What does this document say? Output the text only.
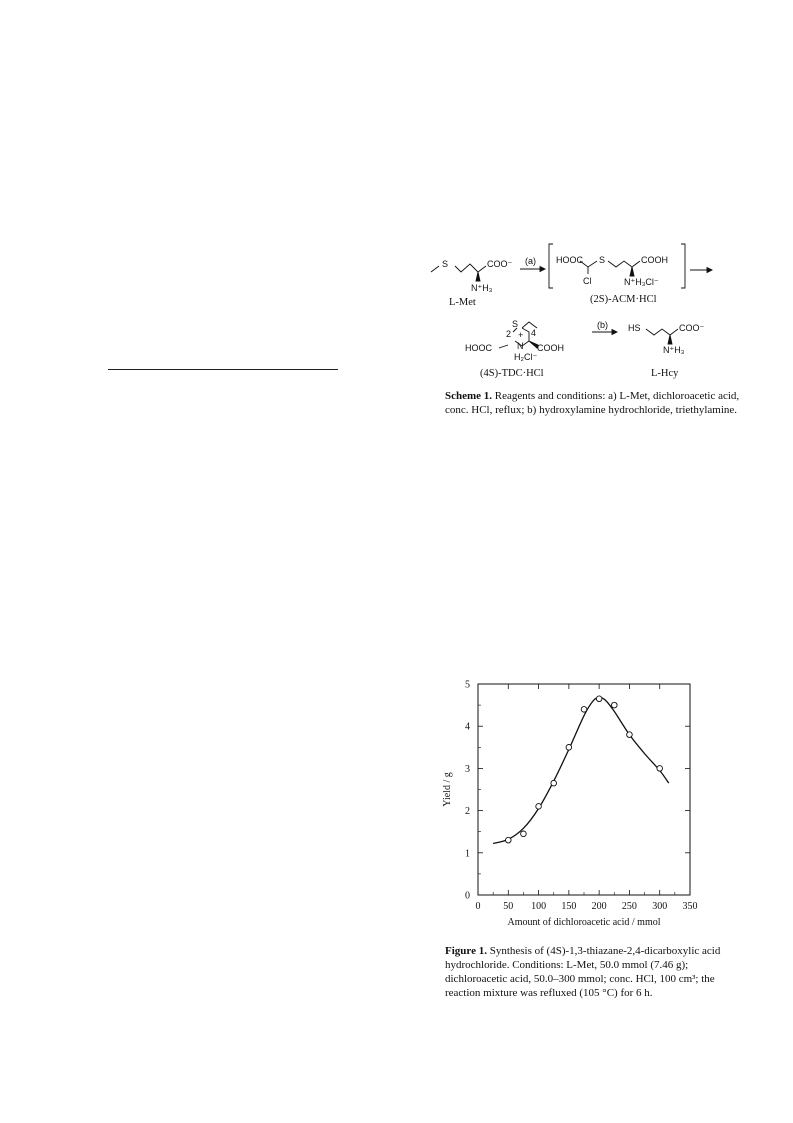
S	COO⁻
N⁺H₃
L-Met
(a) HOOC S	COOH
Cl	N⁺H₃Cl⁻
(2S)-ACM·HCl
S
2 4
+
N
HOOC	COOH
H₂Cl⁻
(4S)-TDC·HCl
(b) HS	COO⁻
N⁺H₃
L-Hcy

Scheme 1. Reagents and conditions: a) L-Met, dichloroacetic acid, conc. HCl, reflux; b) hydroxylamine hydrochloride, triethylamine.

0 50 100 150 200 250 300 350
0
1
2
3
4
5
Amount of dichloroacetic acid / mmol
Yield / g

Figure 1. Synthesis of (4S)-1,3-thiazane-2,4-dicarboxylic acid hydrochloride. Conditions: L-Met, 50.0 mmol (7.46 g); dichloroacetic acid, 50.0–300 mmol; conc. HCl, 100 cm³; the reaction mixture was refluxed (105 °C) for 6 h.
